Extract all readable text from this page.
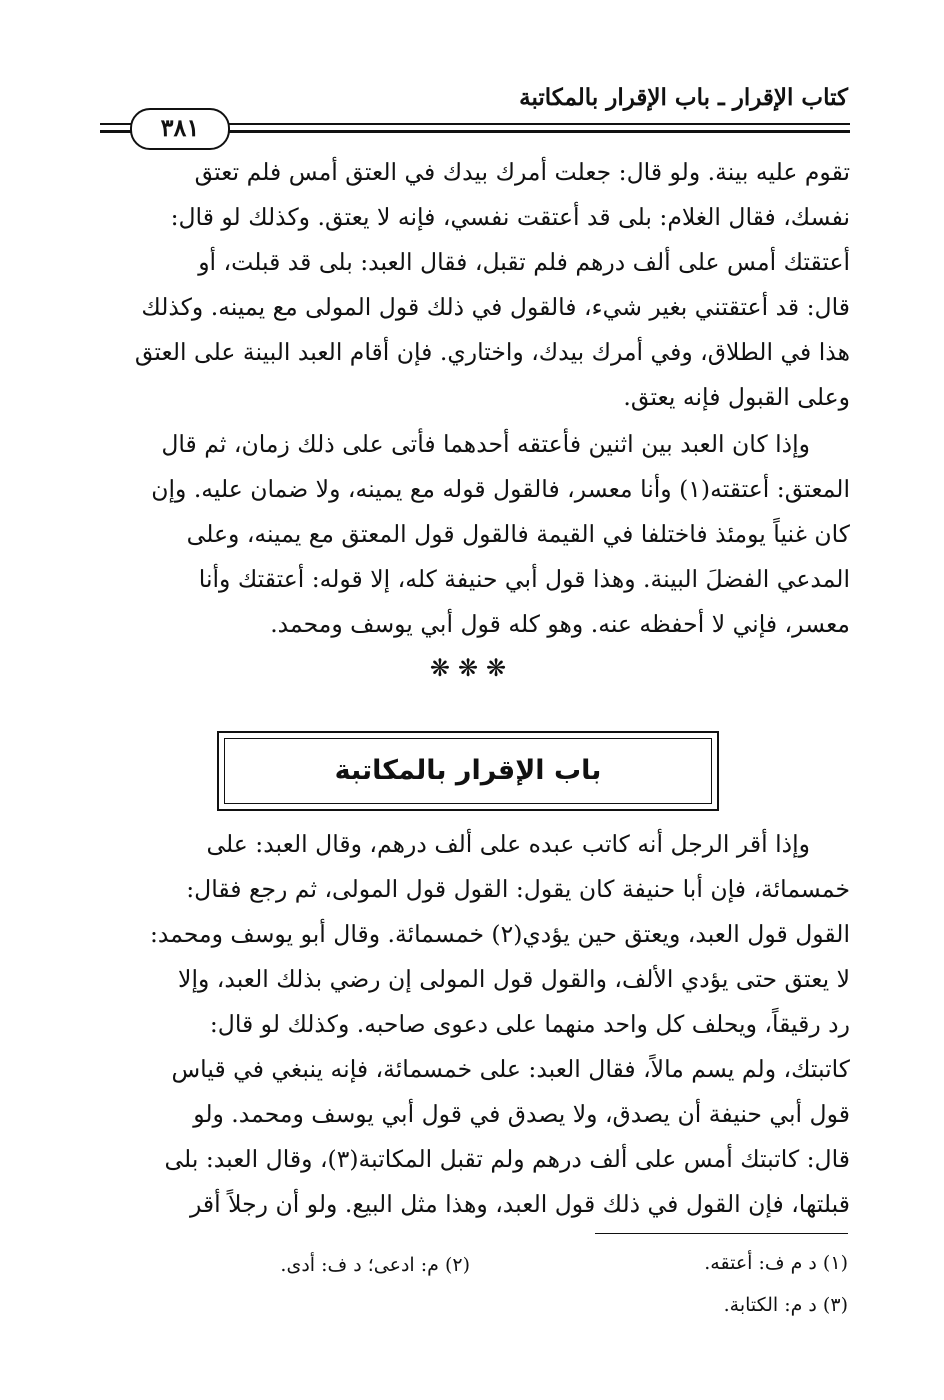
كتاب الإقرار ـ باب الإقرار بالمكاتبة
٣٨١
تقوم عليه بينة. ولو قال: جعلت أمرك بيدك في العتق أمس فلم تعتق
نفسك، فقال الغلام: بلى قد أعتقت نفسي، فإنه لا يعتق. وكذلك لو قال:
أعتقتك أمس على ألف درهم فلم تقبل، فقال العبد: بلى قد قبلت، أو
قال: قد أعتقتني بغير شيء، فالقول في ذلك قول المولى مع يمينه. وكذلك
هذا في الطلاق، وفي أمرك بيدك، واختاري. فإن أقام العبد البينة على العتق
وعلى القبول فإنه يعتق.
وإذا كان العبد بين اثنين فأعتقه أحدهما فأتى على ذلك زمان، ثم قال
المعتق: أعتقته(١) وأنا معسر، فالقول قوله مع يمينه، ولا ضمان عليه. وإن
كان غنياً يومئذ فاختلفا في القيمة فالقول قول المعتق مع يمينه، وعلى
المدعي الفضلَ البينة. وهذا قول أبي حنيفة كله، إلا قوله: أعتقتك وأنا
معسر، فإني لا أحفظه عنه. وهو كله قول أبي يوسف ومحمد.
❋❋❋
باب الإقرار بالمكاتبة
وإذا أقر الرجل أنه كاتب عبده على ألف درهم، وقال العبد: على
خمسمائة، فإن أبا حنيفة كان يقول: القول قول المولى، ثم رجع فقال:
القول قول العبد، ويعتق حين يؤدي(٢) خمسمائة. وقال أبو يوسف ومحمد:
لا يعتق حتى يؤدي الألف، والقول قول المولى إن رضي بذلك العبد، وإلا
رد رقيقاً، ويحلف كل واحد منهما على دعوى صاحبه. وكذلك لو قال:
كاتبتك، ولم يسم مالاً، فقال العبد: على خمسمائة، فإنه ينبغي في قياس
قول أبي حنيفة أن يصدق، ولا يصدق في قول أبي يوسف ومحمد. ولو
قال: كاتبتك أمس على ألف درهم ولم تقبل المكاتبة(٣)، وقال العبد: بلى
قبلتها، فإن القول في ذلك قول العبد، وهذا مثل البيع. ولو أن رجلاً أقر
(١) د م ف: أعتقه.
(٢) م: ادعى؛ د ف: أدى.
(٣) د م: الكتابة.
